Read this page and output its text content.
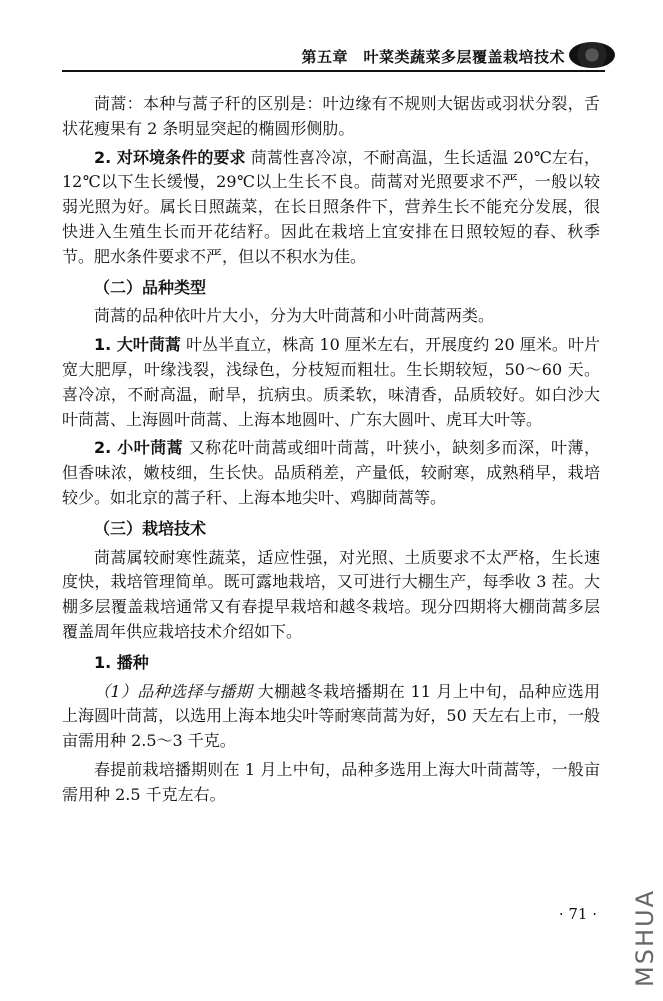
第五章　叶菜类蔬菜多层覆盖栽培技术

茼蒿：本种与蒿子秆的区别是：叶边缘有不规则大锯齿或羽状分裂，舌状花瘦果有 2 条明显突起的椭圆形侧肋。

2. 对环境条件的要求 茼蒿性喜冷凉，不耐高温，生长适温 20℃左右，12℃以下生长缓慢，29℃以上生长不良。茼蒿对光照要求不严，一般以较弱光照为好。属长日照蔬菜，在长日照条件下，营养生长不能充分发展，很快进入生殖生长而开花结籽。因此在栽培上宜安排在日照较短的春、秋季节。肥水条件要求不严，但以不积水为佳。

（二）品种类型

茼蒿的品种依叶片大小，分为大叶茼蒿和小叶茼蒿两类。

1. 大叶茼蒿 叶丛半直立，株高 10 厘米左右，开展度约 20 厘米。叶片宽大肥厚，叶缘浅裂，浅绿色，分枝短而粗壮。生长期较短，50～60 天。喜冷凉，不耐高温，耐旱，抗病虫。质柔软，味清香，品质较好。如白沙大叶茼蒿、上海圆叶茼蒿、上海本地圆叶、广东大圆叶、虎耳大叶等。

2. 小叶茼蒿 又称花叶茼蒿或细叶茼蒿，叶狭小，缺刻多而深，叶薄，但香味浓，嫩枝细，生长快。品质稍差，产量低，较耐寒，成熟稍早，栽培较少。如北京的蒿子秆、上海本地尖叶、鸡脚茼蒿等。

（三）栽培技术

茼蒿属较耐寒性蔬菜，适应性强，对光照、土质要求不太严格，生长速度快，栽培管理简单。既可露地栽培，又可进行大棚生产，每季收 3 茬。大棚多层覆盖栽培通常又有春提早栽培和越冬栽培。现分四期将大棚茼蒿多层覆盖周年供应栽培技术介绍如下。

1. 播种

（1）品种选择与播期 大棚越冬栽培播期在 11 月上中旬，品种应选用上海圆叶茼蒿，以选用上海本地尖叶等耐寒茼蒿为好，50 天左右上市，一般亩需用种 2.5～3 千克。

春提前栽培播期则在 1 月上中旬，品种多选用上海大叶茼蒿等，一般亩需用种 2.5 千克左右。

· 71 · MSHUA
